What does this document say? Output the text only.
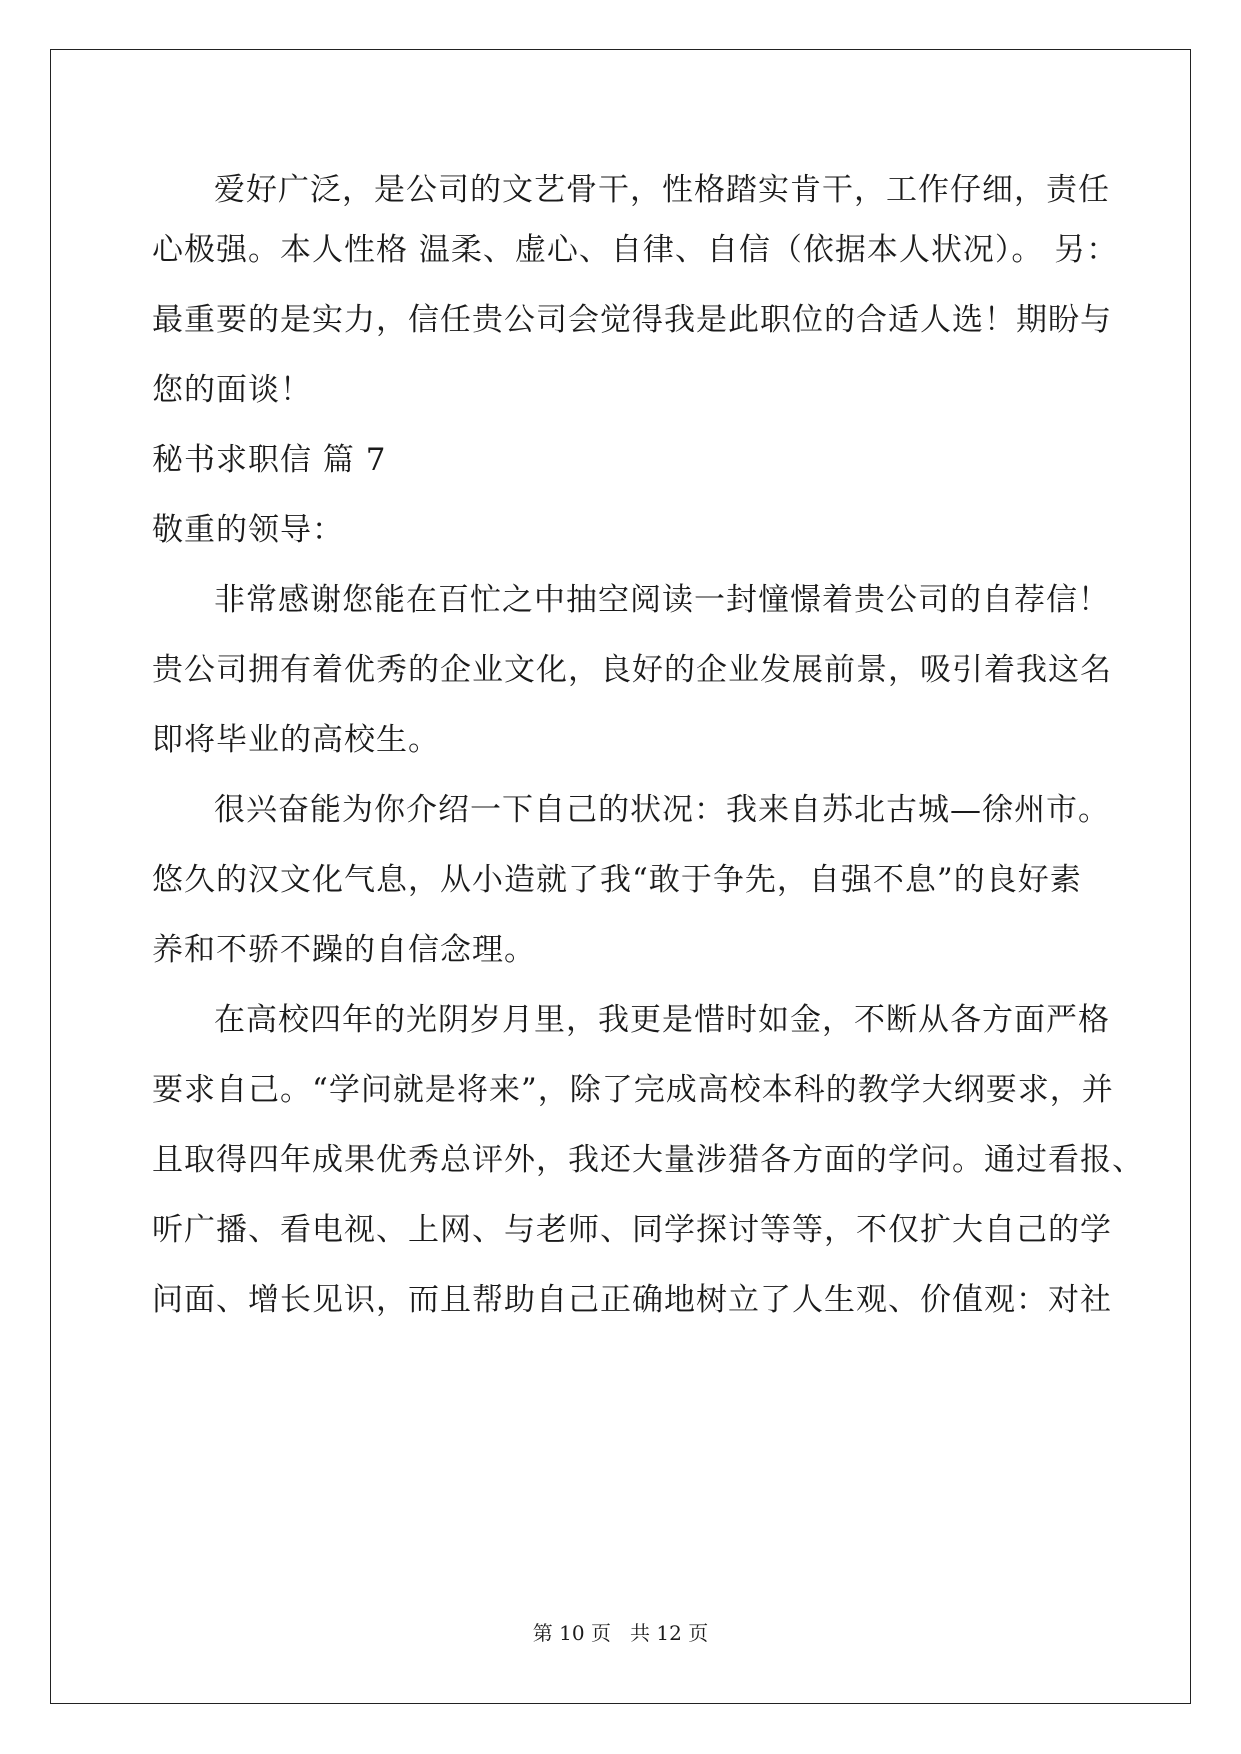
爱好广泛，是公司的文艺骨干，性格踏实肯干，工作仔细，责任
心极强。本人性格 温柔、虚心、自律、自信（依据本人状况）。 另：
最重要的是实力，信任贵公司会觉得我是此职位的合适人选！期盼与
您的面谈！
秘书求职信 篇 7
敬重的领导：
非常感谢您能在百忙之中抽空阅读一封憧憬着贵公司的自荐信！
贵公司拥有着优秀的企业文化，良好的企业发展前景，吸引着我这名
即将毕业的高校生。
很兴奋能为你介绍一下自己的状况：我来自苏北古城—徐州市。
悠久的汉文化气息，从小造就了我“敢于争先，自强不息”的良好素
养和不骄不躁的自信念理。
在高校四年的光阴岁月里，我更是惜时如金，不断从各方面严格
要求自己。“学问就是将来”，除了完成高校本科的教学大纲要求，并
且取得四年成果优秀总评外，我还大量涉猎各方面的学问。通过看报、
听广播、看电视、上网、与老师、同学探讨等等，不仅扩大自己的学
问面、增长见识，而且帮助自己正确地树立了人生观、价值观：对社
第 10 页   共 12 页
